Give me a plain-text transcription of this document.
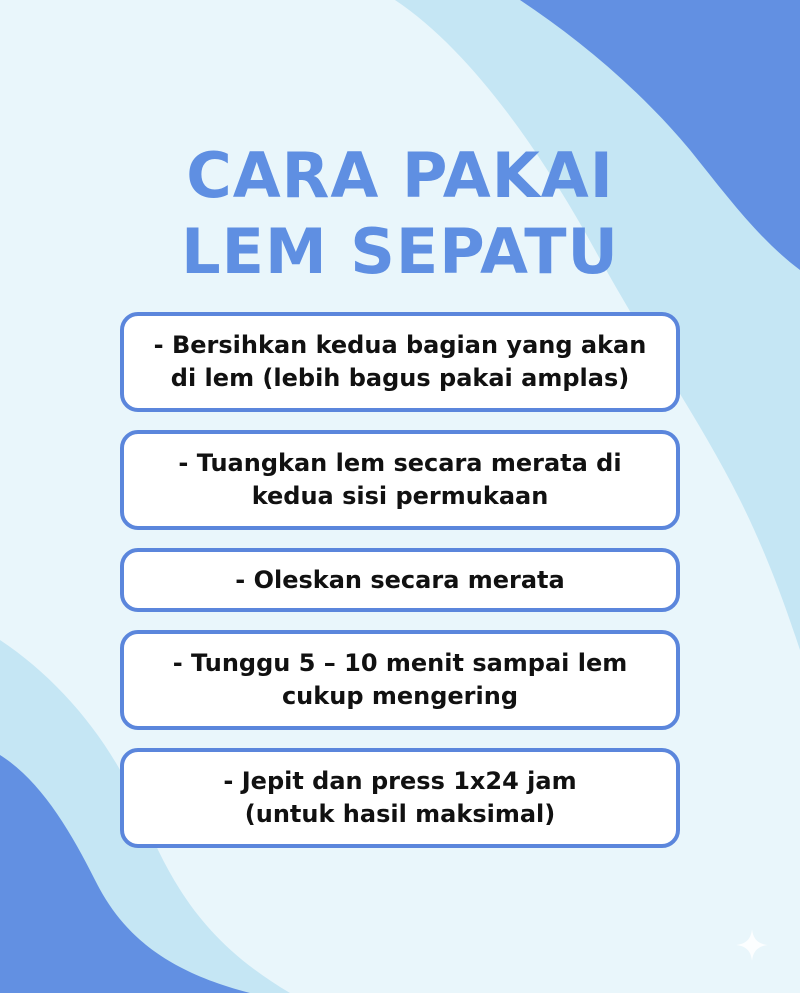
CARA PAKAI
LEM SEPATU
- Bersihkan kedua bagian yang akan
di lem (lebih bagus pakai amplas)
- Tuangkan lem secara merata di
kedua sisi permukaan
- Oleskan secara merata
- Tunggu 5 – 10 menit sampai lem
cukup mengering
- Jepit dan press 1x24 jam
(untuk hasil maksimal)
